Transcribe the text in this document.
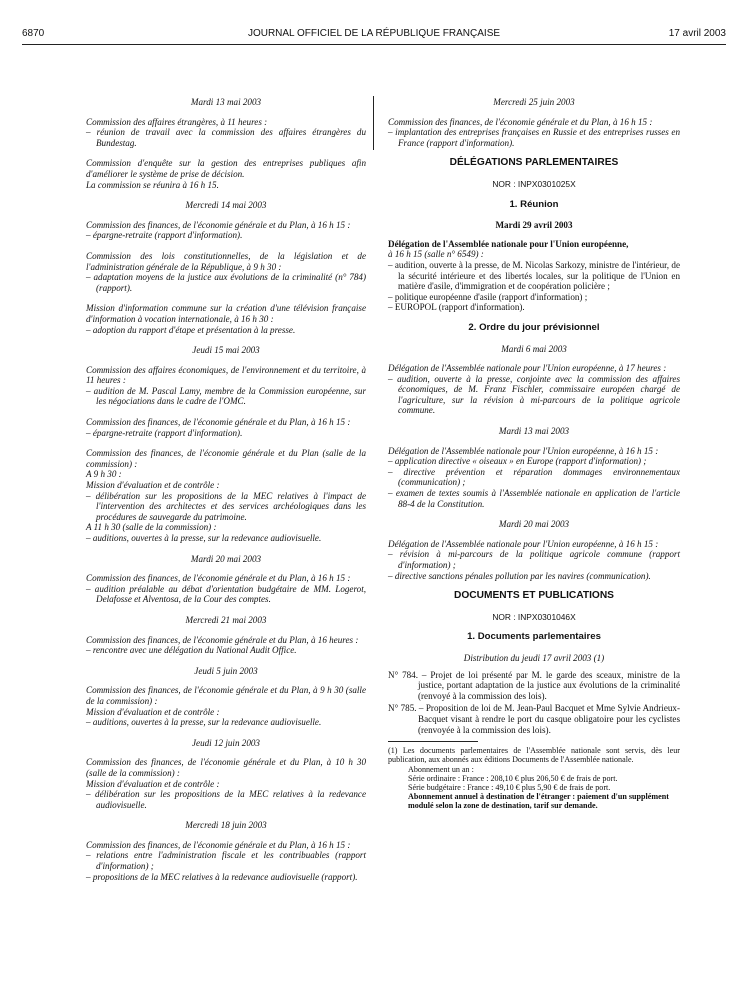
6870	JOURNAL OFFICIEL DE LA RÉPUBLIQUE FRANÇAISE	17 avril 2003
Mardi 13 mai 2003

Commission des affaires étrangères, à 11 heures :

– réunion de travail avec la commission des affaires étrangères du Bundestag.

Commission d'enquête sur la gestion des entreprises publiques afin d'améliorer le système de prise de décision.

La commission se réunira à 16 h 15.

Mercredi 14 mai 2003

Commission des finances, de l'économie générale et du Plan, à 16 h 15 :

– épargne-retraite (rapport d'information).

Commission des lois constitutionnelles, de la législation et de l'administration générale de la République, à 9 h 30 :

– adaptation moyens de la justice aux évolutions de la criminalité (n° 784) (rapport).

Mission d'information commune sur la création d'une télévision française d'information à vocation internationale, à 16 h 30 :

– adoption du rapport d'étape et présentation à la presse.

Jeudi 15 mai 2003

Commission des affaires économiques, de l'environnement et du territoire, à 11 heures :

– audition de M. Pascal Lamy, membre de la Commission européenne, sur les négociations dans le cadre de l'OMC.

Commission des finances, de l'économie générale et du Plan, à 16 h 15 :

– épargne-retraite (rapport d'information).

Commission des finances, de l'économie générale et du Plan (salle de la commission) :

A 9 h 30 :

Mission d'évaluation et de contrôle :

– délibération sur les propositions de la MEC relatives à l'impact de l'intervention des architectes et des services archéologiques dans les procédures de sauvegarde du patrimoine.

A 11 h 30 (salle de la commission) :

– auditions, ouvertes à la presse, sur la redevance audiovisuelle.

Mardi 20 mai 2003

Commission des finances, de l'économie générale et du Plan, à 16 h 15 :

– audition préalable au débat d'orientation budgétaire de MM. Logerot, Delafosse et Alventosa, de la Cour des comptes.

Mercredi 21 mai 2003

Commission des finances, de l'économie générale et du Plan, à 16 heures :

– rencontre avec une délégation du National Audit Office.

Jeudi 5 juin 2003

Commission des finances, de l'économie générale et du Plan, à 9 h 30 (salle de la commission) :

Mission d'évaluation et de contrôle :

– auditions, ouvertes à la presse, sur la redevance audiovisuelle.

Jeudi 12 juin 2003

Commission des finances, de l'économie générale et du Plan, à 10 h 30 (salle de la commission) :

Mission d'évaluation et de contrôle :

– délibération sur les propositions de la MEC relatives à la redevance audiovisuelle.

Mercredi 18 juin 2003

Commission des finances, de l'économie générale et du Plan, à 16 h 15 :

– relations entre l'administration fiscale et les contribuables (rapport d'information) ;

– propositions de la MEC relatives à la redevance audiovisuelle (rapport).

Mercredi 25 juin 2003

Commission des finances, de l'économie générale et du Plan, à 16 h 15 :

– implantation des entreprises françaises en Russie et des entreprises russes en France (rapport d'information).

DÉLÉGATIONS PARLEMENTAIRES
NOR : INPX0301025X
1. Réunion
Mardi 29 avril 2003

Délégation de l'Assemblée nationale pour l'Union européenne,

à 16 h 15 (salle n° 6549) :

– audition, ouverte à la presse, de M. Nicolas Sarkozy, ministre de l'intérieur, de la sécurité intérieure et des libertés locales, sur la politique de l'Union en matière d'asile, d'immigration et de coopération policière ;

– politique européenne d'asile (rapport d'information) ;

– EUROPOL (rapport d'information).

2. Ordre du jour prévisionnel
Mardi 6 mai 2003

Délégation de l'Assemblée nationale pour l'Union européenne, à 17 heures :

– audition, ouverte à la presse, conjointe avec la commission des affaires économiques, de M. Franz Fischler, commissaire européen chargé de l'agriculture, sur la révision à mi-parcours de la politique agricole commune.

Mardi 13 mai 2003

Délégation de l'Assemblée nationale pour l'Union européenne, à 16 h 15 :

– application directive « oiseaux » en Europe (rapport d'information) ;

– directive prévention et réparation dommages environnementaux (communication) ;

– examen de textes soumis à l'Assemblée nationale en application de l'article 88-4 de la Constitution.

Mardi 20 mai 2003

Délégation de l'Assemblée nationale pour l'Union européenne, à 16 h 15 :

– révision à mi-parcours de la politique agricole commune (rapport d'information) ;

– directive sanctions pénales pollution par les navires (communication).

DOCUMENTS ET PUBLICATIONS
NOR : INPX0301046X
1. Documents parlementaires
Distribution du jeudi 17 avril 2003 (1)

N° 784. – Projet de loi présenté par M. le garde des sceaux, ministre de la justice, portant adaptation de la justice aux évolutions de la criminalité (renvoyé à la commission des lois).

N° 785. – Proposition de loi de M. Jean-Paul Bacquet et Mme Sylvie Andrieux-Bacquet visant à rendre le port du casque obligatoire pour les cyclistes (renvoyée à la commission des lois).

(1) Les documents parlementaires de l'Assemblée nationale sont servis, dès leur publication, aux abonnés aux éditions Documents de l'Assemblée nationale.

Abonnement un an :

Série ordinaire : France : 208,10 € plus 206,50 € de frais de port.

Série budgétaire : France : 49,10 € plus 5,90 € de frais de port.

Abonnement annuel à destination de l'étranger : paiement d'un supplément modulé selon la zone de destination, tarif sur demande.
